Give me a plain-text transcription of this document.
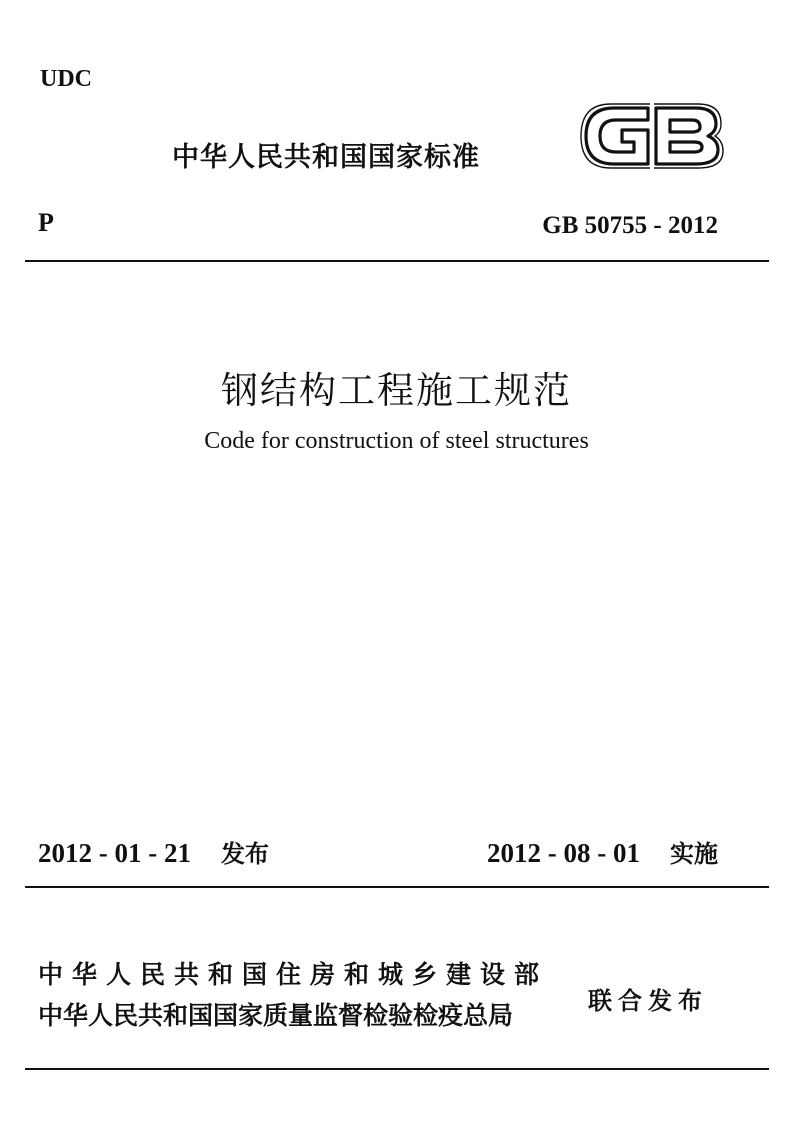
UDC
中华人民共和国国家标准
P	GB 50755 - 2012
钢结构工程施工规范
Code for construction of steel structures
2012 - 01 - 21 发布	2012 - 08 - 01 实施
中华人民共和国住房和城乡建设部
中华人民共和国国家质量监督检验检疫总局	联合发布
